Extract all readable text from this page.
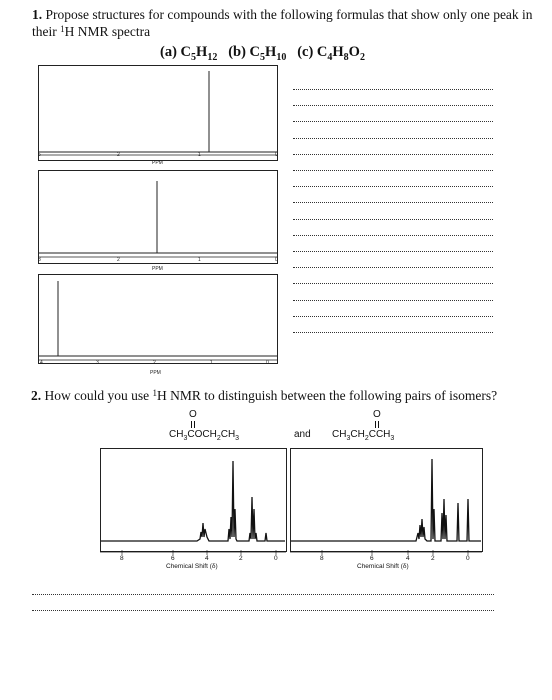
1. Propose structures for compounds with the following formulas that show only one peak in their $^1$H NMR spectra
(a) $C_5H_{12}$ (b) $C_5H_{10}$ (c) $C_4H_8O_2$
5	2	1	0
PPM
3	2	1	0
PPM
4	3	2	1	0
PPM
2. How could you use $^1$H NMR to distinguish between the following pairs of isomers?
O
$CH_3COCH_2CH_3$	and
O
$CH_3CH_2CCH_3$
8	6	4	2	0
Chemical Shift (δ)
8	6	4	2	0
Chemical Shift (δ)
